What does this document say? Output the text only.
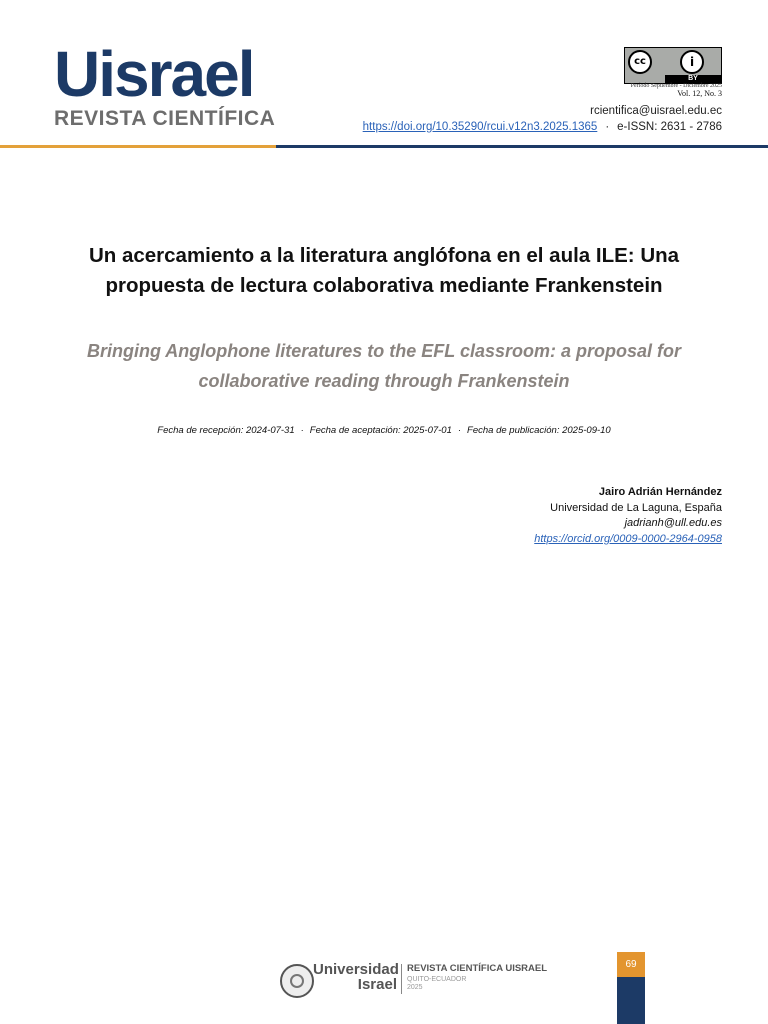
Uisrael
REVISTA CIENTÍFICA
cc	i
BY
Período Septiembre - Diciembre 2025
Vol. 12, No. 3
rcientifica@uisrael.edu.ec
https://doi.org/10.35290/rcui.v12n3.2025.1365 · e-ISSN: 2631 - 2786
Un acercamiento a la literatura anglófona en el aula ILE: Una propuesta de lectura colaborativa mediante Frankenstein
Bringing Anglophone literatures to the EFL classroom: a proposal for collaborative reading through Frankenstein
Fecha de recepción: 2024-07-31 · Fecha de aceptación: 2025-07-01 · Fecha de publicación: 2025-09-10
Jairo Adrián Hernández
Universidad de La Laguna, España
jadrianh@ull.edu.es
https://orcid.org/0009-0000-2964-0958
Universidad
Israel
REVISTA CIENTÍFICA UISRAEL
QUITO-ECUADOR
2025
69
